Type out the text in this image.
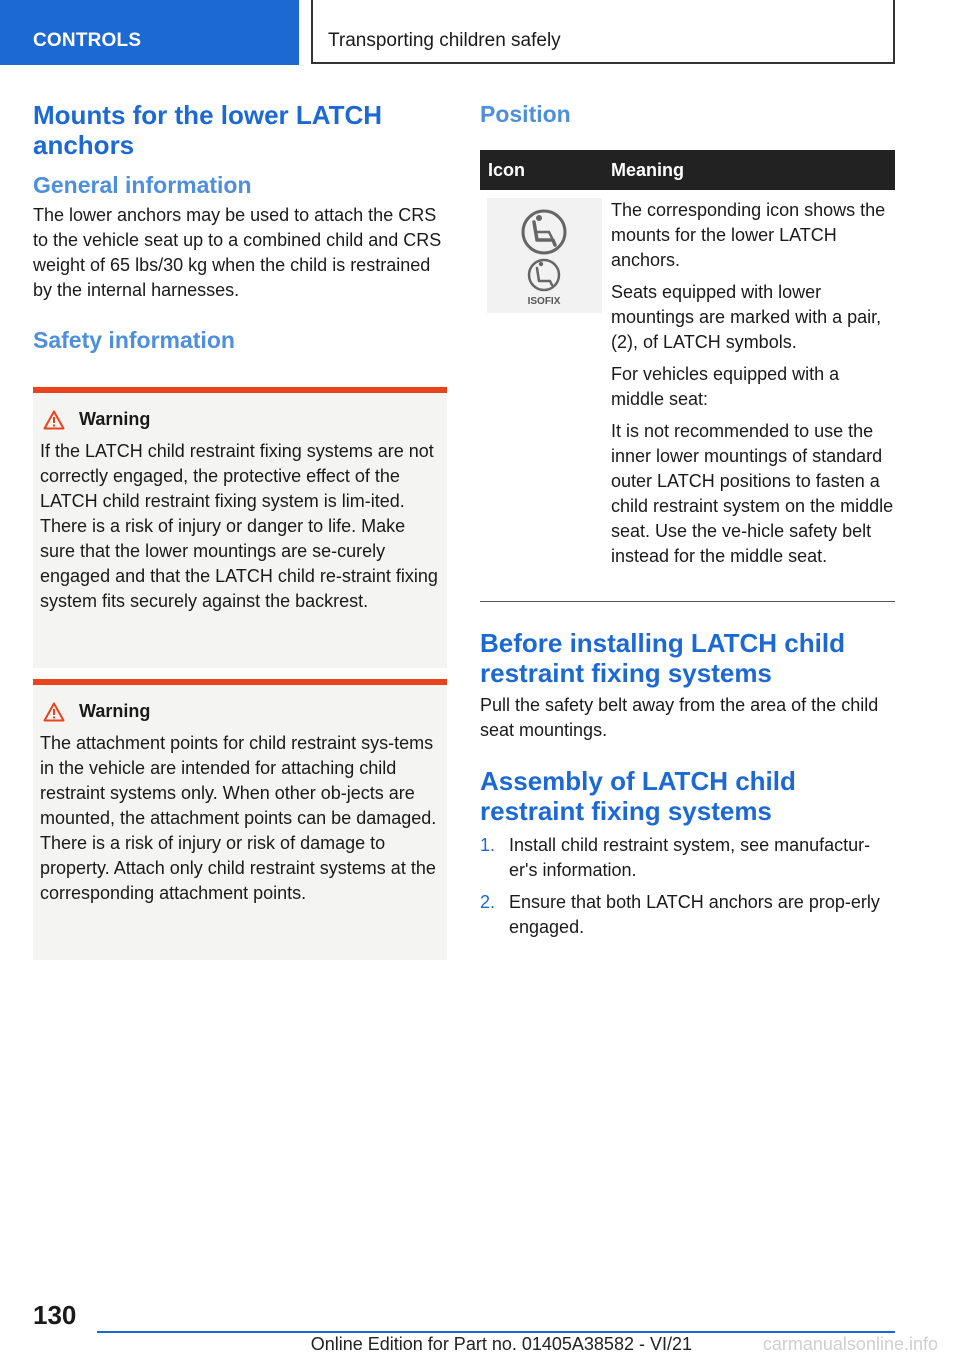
CONTROLS	Transporting children safely
Mounts for the lower LATCH anchors
General information

The lower anchors may be used to attach the CRS to the vehicle seat up to a combined child and CRS weight of 65 lbs/30 kg when the child is restrained by the internal harnesses.

Safety information
Warning

If the LATCH child restraint fixing systems are not correctly engaged, the protective effect of the LATCH child restraint fixing system is lim‐ited. There is a risk of injury or danger to life. Make sure that the lower mountings are se‐curely engaged and that the LATCH child re‐straint fixing system fits securely against the backrest.

Warning

The attachment points for child restraint sys‐tems in the vehicle are intended for attaching child restraint systems only. When other ob‐jects are mounted, the attachment points can be damaged. There is a risk of injury or risk of damage to property. Attach only child restraint systems at the corresponding attachment points.

Position
Icon	Meaning
ISOFIX

The corresponding icon shows the mounts for the lower LATCH anchors.

Seats equipped with lower mountings are marked with a pair, (2), of LATCH symbols.

For vehicles equipped with a middle seat:

It is not recommended to use the inner lower mountings of standard outer LATCH positions to fasten a child restraint system on the middle seat. Use the ve‐hicle safety belt instead for the middle seat.

Before installing LATCH child restraint fixing systems

Pull the safety belt away from the area of the child seat mountings.

Assembly of LATCH child restraint fixing systems
1. Install child restraint system, see manufactur‐er's information.
2. Ensure that both LATCH anchors are prop‐erly engaged.
130
Online Edition for Part no. 01405A38582 - VI/21	carmanualsonline.info
